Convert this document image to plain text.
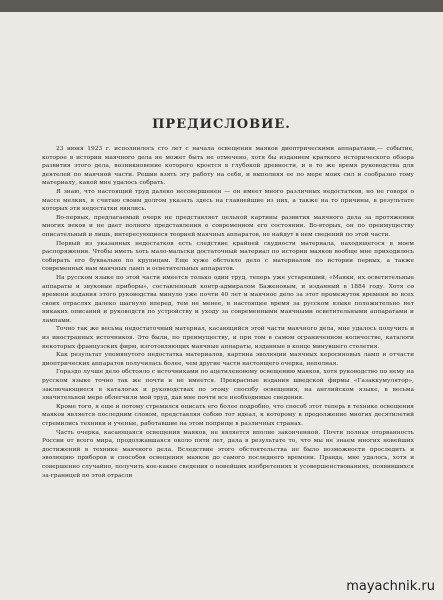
ПРЕДИСЛОВИЕ.

23 июня 1923 г. исполнилось сто лет с начала освещения маяков диоптрическими аппаратами,— событие, которое в истории маячного дела не может быть не отмечено, хотя бы изданием краткого исторического обзора развития этого дела, возникновение которого кроется в глубокой древности, и в то же время руководства для деятелей по маячной части. Решив взять эту работу на себя, и выполняя ее по мере моих сил и сообразно тому материалу, какой мне удалось собрать.

Я знаю, что настоящий труд далеко несовершенен — он имеет много различных недостатков, но не говоря о массе мелких, я считаю своим долгом указать здесь на главнейшие из них, а также на то причины, в результате которых эти недостатки явились.

Во-первых, предлагаемый очерк не представляет цельной картины развития маячного дела за протяжении многих веков и не дает полного представления о современном его состоянии. Во-вторых, он по преимуществу описательный и лишь, интересующиеся теорией маячных аппаратов, не найдут в нем сведений по этой части.

Первый из указанных недостатков есть следствие крайней скудности материала, находящегося в моем распоряжении. Чтобы иметь хоть мало-мальски достаточный материал по истории маяков вообще мне приходилось собирать его буквально по крупицам. Еще хуже обстояло дело с материалом по истории первых, а также современных нам маячных ламп и осветительных аппаратов.

На русском языке по этой части имеется только один труд, теперь уже устаревший, «Маяки, их осветительные аппараты и звуковые приборы», составленный контр-адмиралом Баженовым, и изданный в 1884 году. Хотя со времени издания этого руководства минуло уже почти 40 лет и маячное дело за этот промежуток времени во всех своих отраслях далеко шагнуло вперед, тем не менее, в настоящее время за русском языке положительно нет никаких описаний и руководств по устройству и уходу за современными маячными осветительными аппаратами и лампами.

Точно так же весьма недостаточный материал, касающийся этой части маячного дела, мне удалось получить и из иностранных источников. Это были, по преимуществу, и при том в самом ограниченном количестве, каталоги некоторых французских фирм, изготовляющих маячные аппараты, изданные в конце минувшего столетия.

Как результат упомянутого недостатка материалов, картина эволюции маячных керосиновых ламп и отчасти диоптрических аппаратов получилась более, чем другие части настоящего очерка, неполная.

Гораздо лучше дело обстояло с источниками по ацетиленовому освещению маяков, хотя руководство по нему на русском языке точно так же почти и не имеется. Прекрасные издания шведской фирмы «Газаккумулятор», заключающиеся в каталогах и руководствах по этому способу освещения, на английском языке, в весьма значительной мере облегчили мой труд, дав мне почти все необходимые сведения.

Кроме того, я еще и потому стремился описать его более подробно, что способ этот теперь в технике освещения маяков является последним словом, представляя собою тот идеал, к которому в продолжение многих десятилетий стремились техники и ученые, работавшие на этом поприще в различных странах.

Часть очерка, касающаяся освещения маяков, не является вполне законченной. Почти полная оторванность России от всего мира, продолжавшаяся около пяти лет, дала в результате то, что мы не знаем многих новейших достижений в технике маячного дела. Вследствие этого обстоятельства не было возможности проследить и эволюцию приборов и способов освещения маяков до самого последнего времени. Правда, мне удалось, хотя и совершенно случайно, получить кое-какие сведения о новейших изобретениях и усовершенствованиях, появившихся за-границей по этой отрасли

mayachnik.ru
